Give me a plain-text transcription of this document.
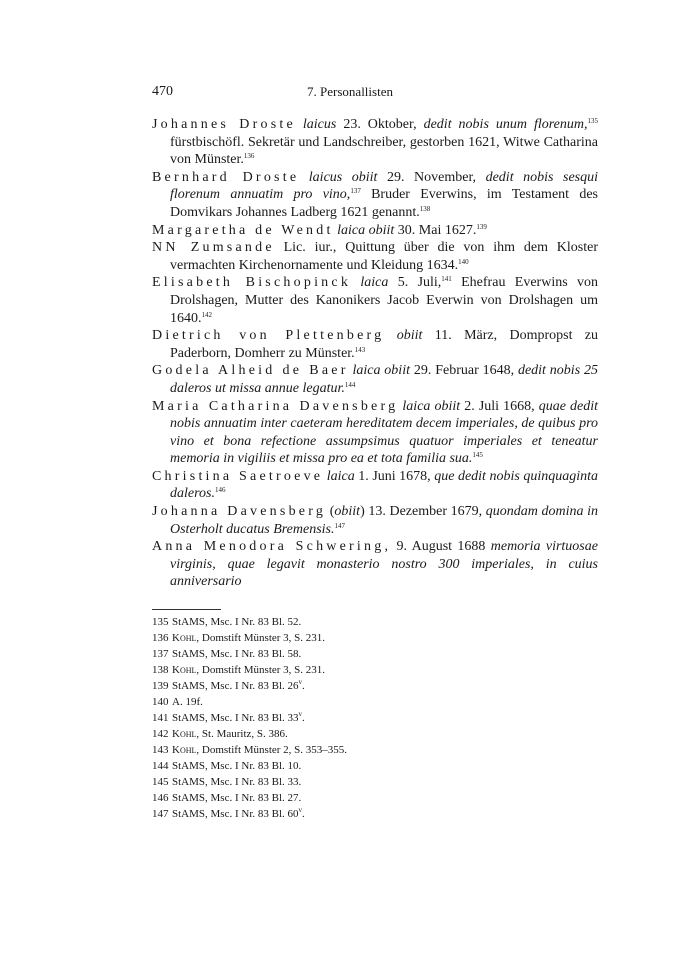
470	7. Personallisten

Johannes Droste laicus 23. Oktober, dedit nobis unum florenum,$^{135}$ fürstbischöfl. Sekretär und Landschreiber, gestorben 1621, Witwe Catharina von Münster.$^{136}$

Bernhard Droste laicus obiit 29. November, dedit nobis sesqui florenum annuatim pro vino,$^{137}$ Bruder Everwins, im Testament des Domvikars Johannes Ladberg 1621 genannt.$^{138}$

Margaretha de Wendt laica obiit 30. Mai 1627.$^{139}$

NN Zumsande Lic. iur., Quittung über die von ihm dem Kloster vermachten Kirchenornamente und Kleidung 1634.$^{140}$

Elisabeth Bischopinck laica 5. Juli,$^{141}$ Ehefrau Everwins von Drolshagen, Mutter des Kanonikers Jacob Everwin von Drolshagen um 1640.$^{142}$

Dietrich von Plettenberg obiit 11. März, Dompropst zu Paderborn, Domherr zu Münster.$^{143}$

Godela Alheid de Baer laica obiit 29. Februar 1648, dedit nobis 25 daleros ut missa annue legatur.$^{144}$

Maria Catharina Davensberg laica obiit 2. Juli 1668, quae dedit nobis annuatim inter caeteram hereditatem decem imperiales, de quibus pro vino et bona refectione assumpsimus quatuor imperiales et teneatur memoria in vigiliis et missa pro ea et tota familia sua.$^{145}$

Christina Saetroeve laica 1. Juni 1678, que dedit nobis quinquaginta daleros.$^{146}$

Johanna Davensberg (obiit) 13. Dezember 1679, quondam domina in Osterholt ducatus Bremensis.$^{147}$

Anna Menodora Schwering, 9. August 1688 memoria virtuosae virginis, quae legavit monasterio nostro 300 imperiales, in cuius anniversario

135 StAMS, Msc. I Nr. 83 Bl. 52.

136 Kohl, Domstift Münster 3, S. 231.

137 StAMS, Msc. I Nr. 83 Bl. 58.

138 Kohl, Domstift Münster 3, S. 231.

139 StAMS, Msc. I Nr. 83 Bl. 26$^v$.

140 A. 19f.

141 StAMS, Msc. I Nr. 83 Bl. 33$^v$.

142 Kohl, St. Mauritz, S. 386.

143 Kohl, Domstift Münster 2, S. 353–355.

144 StAMS, Msc. I Nr. 83 Bl. 10.

145 StAMS, Msc. I Nr. 83 Bl. 33.

146 StAMS, Msc. I Nr. 83 Bl. 27.

147 StAMS, Msc. I Nr. 83 Bl. 60$^v$.
